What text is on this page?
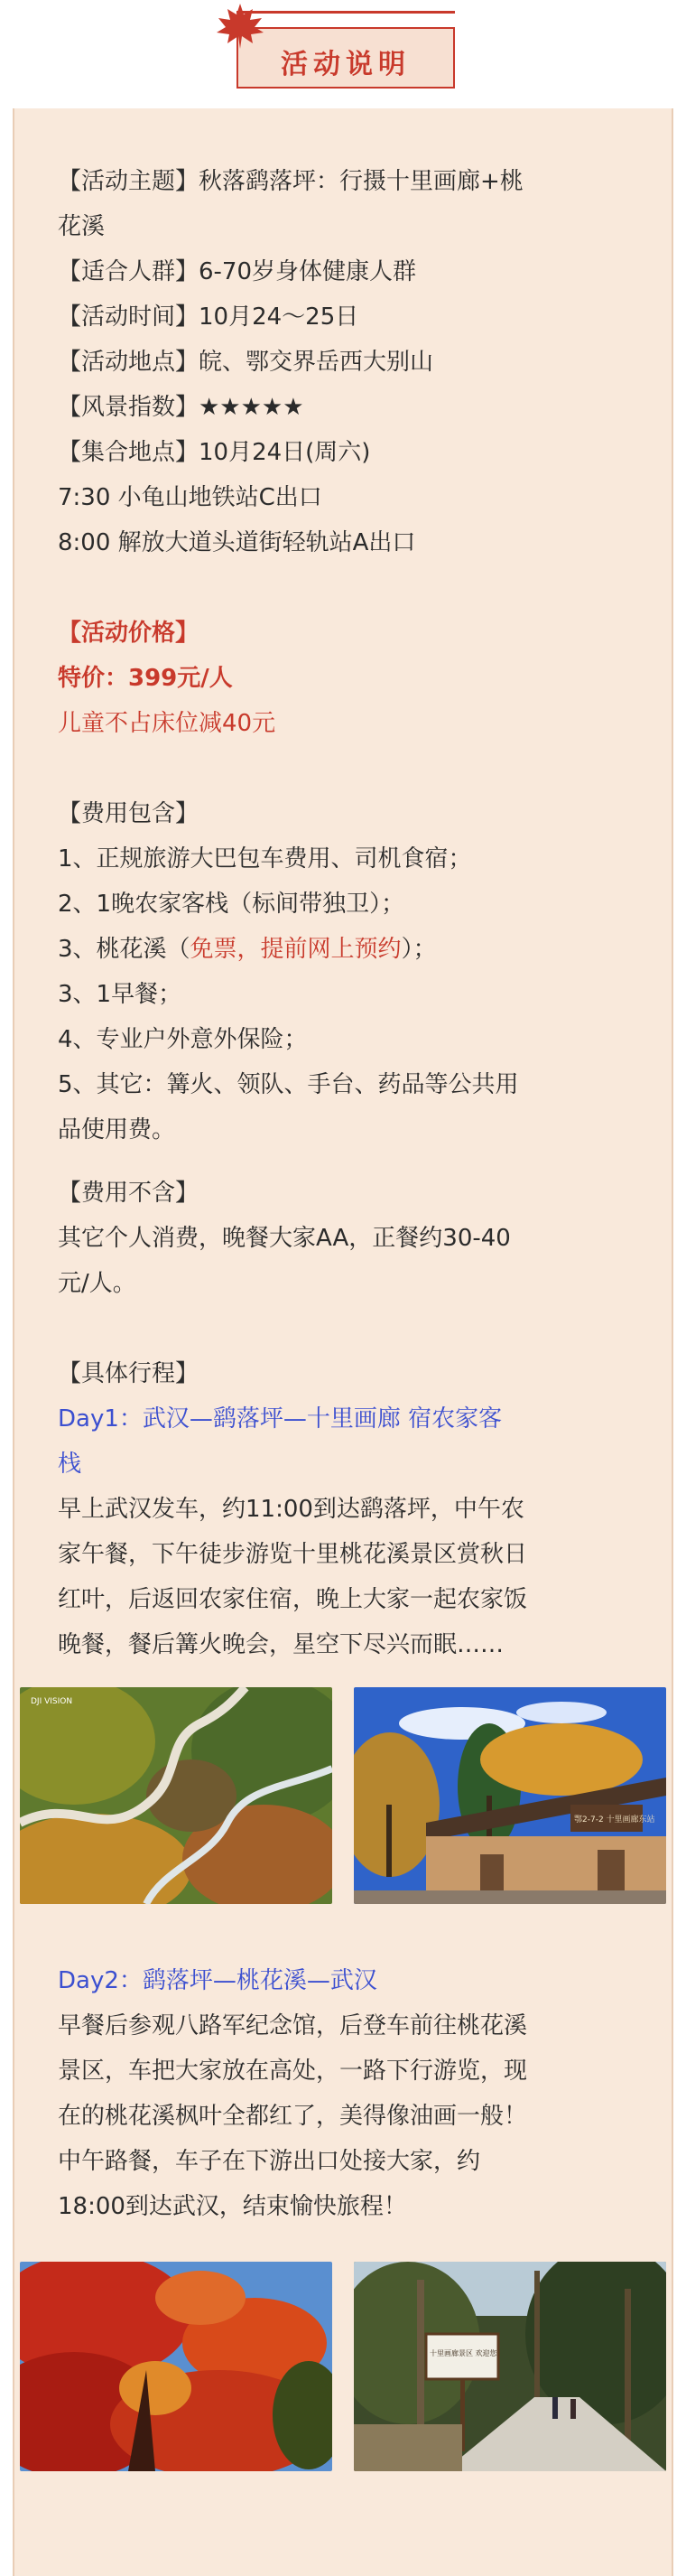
活动说明
【活动主题】秋落鹞落坪：行摄十里画廊+桃
花溪
【适合人群】6-70岁身体健康人群
【活动时间】10月24～25日
【活动地点】皖、鄂交界岳西大别山
【风景指数】★★★★★
【集合地点】10月24日(周六)
7:30 小龟山地铁站C出口
8:00 解放大道头道街轻轨站A出口
【活动价格】
特价：399元/人
儿童不占床位减40元
【费用包含】
1、正规旅游大巴包车费用、司机食宿；
2、1晚农家客栈（标间带独卫）；
3、桃花溪（免票，提前网上预约）；
3、1早餐；
4、专业户外意外保险；
5、其它：篝火、领队、手台、药品等公共用
品使用费。
【费用不含】
其它个人消费，晚餐大家AA，正餐约30-40
元/人。
【具体行程】
Day1：武汉—鹞落坪—十里画廊 宿农家客
栈
早上武汉发车，约11:00到达鹞落坪，中午农
家午餐，下午徒步游览十里桃花溪景区赏秋日
红叶，后返回农家住宿，晚上大家一起农家饭
晚餐，餐后篝火晚会，星空下尽兴而眠……
DJI VISION
鄂2-7-2 十里画廊东站
Day2：鹞落坪—桃花溪—武汉
早餐后参观八路军纪念馆，后登车前往桃花溪
景区，车把大家放在高处，一路下行游览，现
在的桃花溪枫叶全都红了，美得像油画一般！
中午路餐，车子在下游出口处接大家，约
18:00到达武汉，结束愉快旅程！
十里画廊景区 欢迎您
